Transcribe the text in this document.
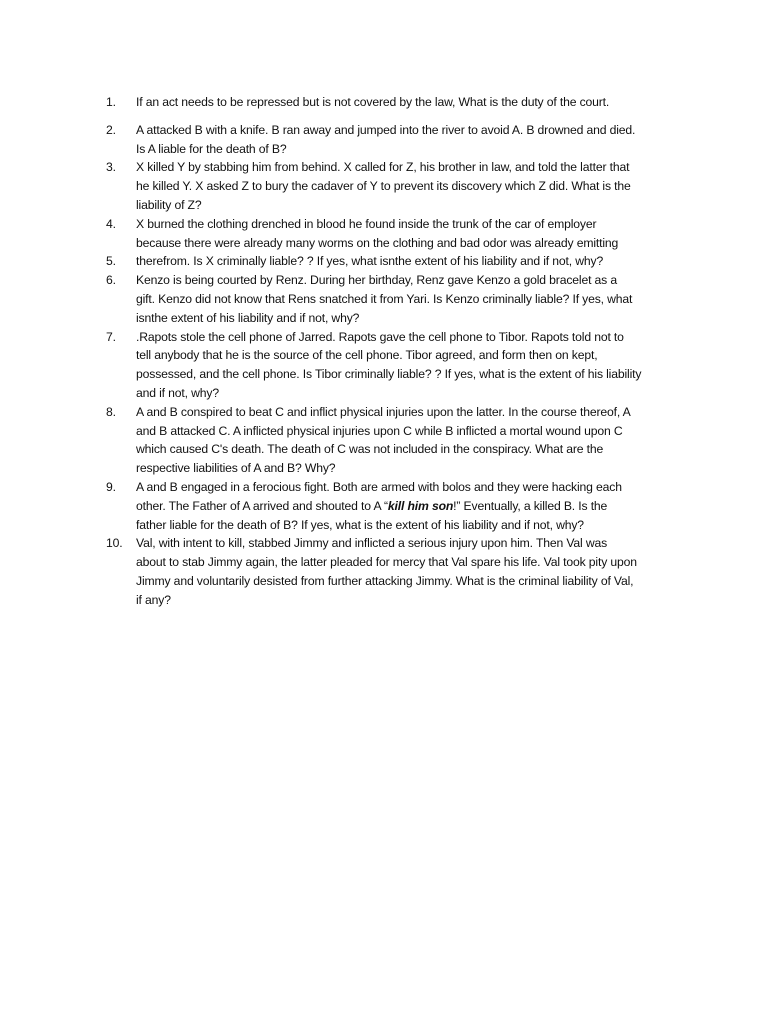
1.	If an act needs to be repressed but is not covered by the law, What is the duty of the court.
2.	A attacked B with a knife. B ran away and jumped into the river to avoid A. B drowned and died.
Is A liable for the death of B?
3.	X killed Y by stabbing him from behind. X called for Z, his brother in law, and told the latter that
he killed Y. X asked Z to bury the cadaver of Y to prevent its discovery which Z did. What is the
liability of Z?
4.	X burned the clothing drenched in blood he found inside the trunk of the car of employer
because there were already many worms on the clothing and bad odor was already emitting
5.	therefrom. Is X criminally liable? ? If yes, what isnthe extent of his liability and if not, why?
6.	Kenzo is being courted by Renz. During her birthday, Renz gave Kenzo a gold bracelet as a
gift. Kenzo did not know that Rens snatched it from Yari. Is Kenzo criminally liable? If yes, what
isnthe extent of his liability and if not, why?
7.	.Rapots stole the cell phone of Jarred. Rapots gave the cell phone to Tibor. Rapots told not to
tell anybody that he is the source of the cell phone. Tibor agreed, and form then on kept,
possessed, and the cell phone. Is Tibor criminally liable? ? If yes, what is the extent of his liability
and if not, why?
8.	A and B conspired to beat C and inflict physical injuries upon the latter. In the course thereof, A
and B attacked C. A inflicted physical injuries upon C while B inflicted a mortal wound upon C
which caused C's death. The death of C was not included in the conspiracy. What are the
respective liabilities of A and B? Why?
9.	A and B engaged in a ferocious fight. Both are armed with bolos and they were hacking each
other. The Father of A arrived and shouted to A “kill him son!” Eventually, a killed B. Is the
father liable for the death of B? If yes, what is the extent of his liability and if not, why?
10.	Val, with intent to kill, stabbed Jimmy and inflicted a serious injury upon him. Then Val was
about to stab Jimmy again, the latter pleaded for mercy that Val spare his life. Val took pity upon
Jimmy and voluntarily desisted from further attacking Jimmy. What is the criminal liability of Val,
if any?
